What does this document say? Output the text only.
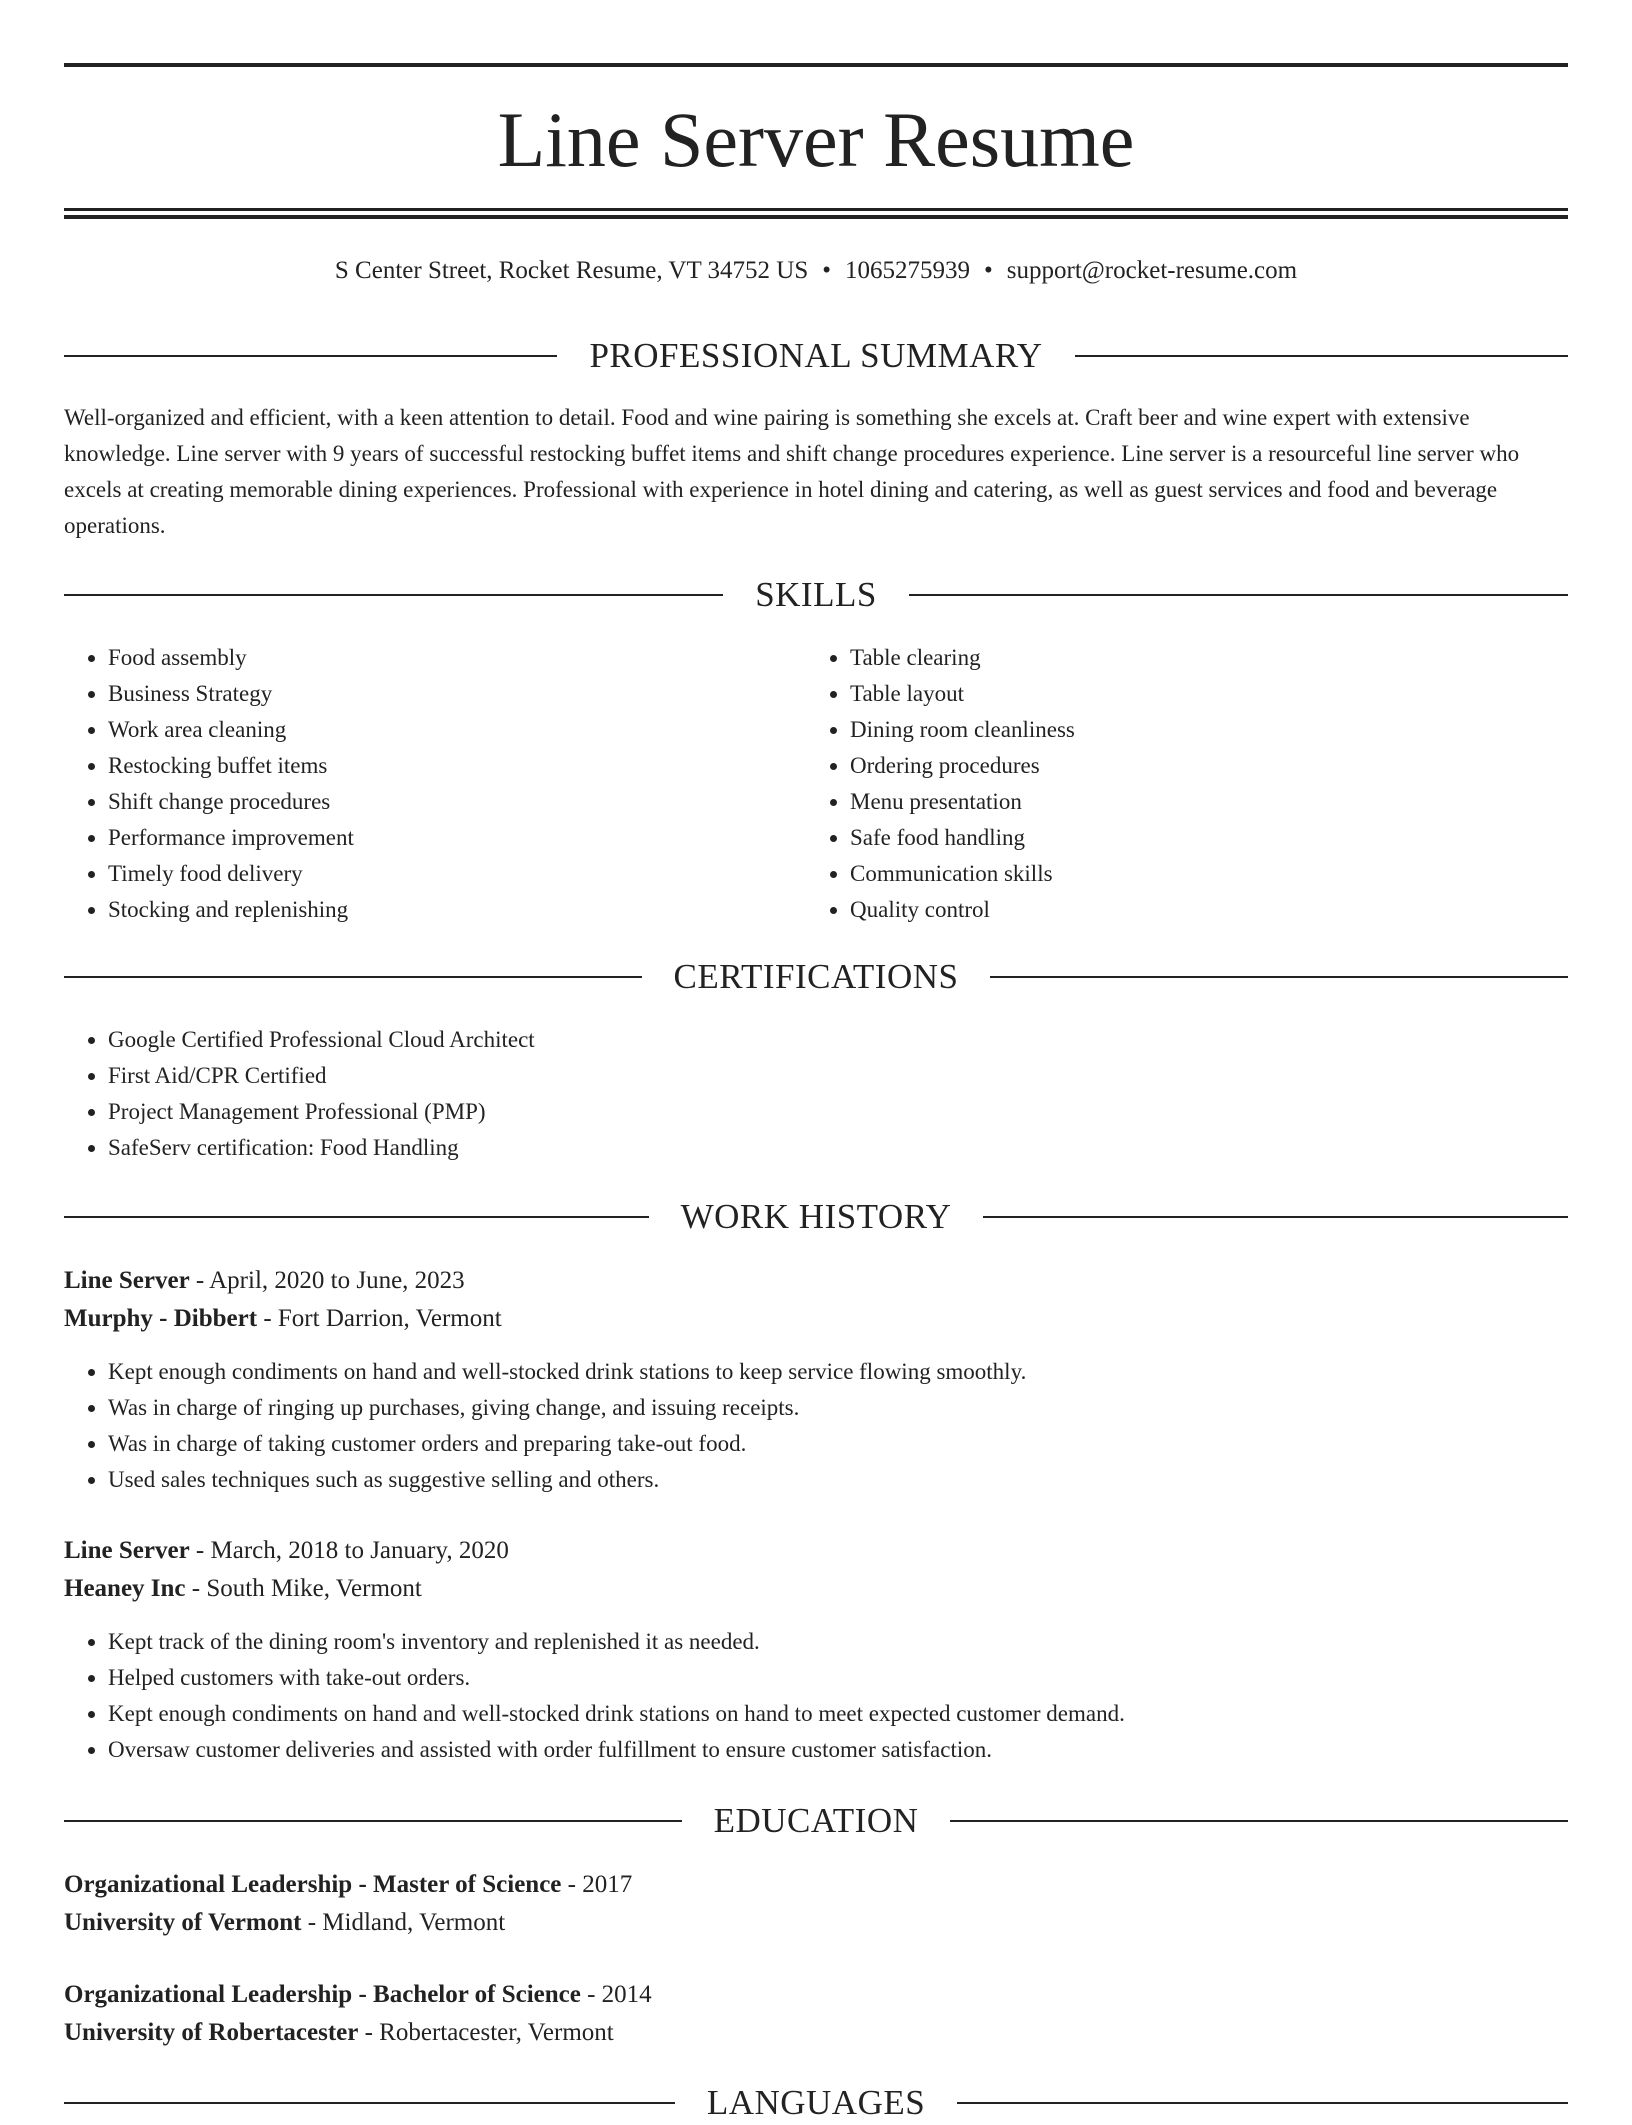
Line Server Resume
S Center Street, Rocket Resume, VT 34752 US • 1065275939 • support@rocket-resume.com
PROFESSIONAL SUMMARY
Well-organized and efficient, with a keen attention to detail. Food and wine pairing is something she excels at. Craft beer and wine expert with extensive knowledge. Line server with 9 years of successful restocking buffet items and shift change procedures experience. Line server is a resourceful line server who excels at creating memorable dining experiences. Professional with experience in hotel dining and catering, as well as guest services and food and beverage operations.
SKILLS
• Food assembly
• Business Strategy
• Work area cleaning
• Restocking buffet items
• Shift change procedures
• Performance improvement
• Timely food delivery
• Stocking and replenishing
• Table clearing
• Table layout
• Dining room cleanliness
• Ordering procedures
• Menu presentation
• Safe food handling
• Communication skills
• Quality control
CERTIFICATIONS
• Google Certified Professional Cloud Architect
• First Aid/CPR Certified
• Project Management Professional (PMP)
• SafeServ certification: Food Handling
WORK HISTORY
Line Server - April, 2020 to June, 2023
Murphy - Dibbert - Fort Darrion, Vermont
• Kept enough condiments on hand and well-stocked drink stations to keep service flowing smoothly.
• Was in charge of ringing up purchases, giving change, and issuing receipts.
• Was in charge of taking customer orders and preparing take-out food.
• Used sales techniques such as suggestive selling and others.
Line Server - March, 2018 to January, 2020
Heaney Inc - South Mike, Vermont
• Kept track of the dining room's inventory and replenished it as needed.
• Helped customers with take-out orders.
• Kept enough condiments on hand and well-stocked drink stations on hand to meet expected customer demand.
• Oversaw customer deliveries and assisted with order fulfillment to ensure customer satisfaction.
EDUCATION
Organizational Leadership - Master of Science - 2017
University of Vermont - Midland, Vermont
Organizational Leadership - Bachelor of Science - 2014
University of Robertacester - Robertacester, Vermont
LANGUAGES
